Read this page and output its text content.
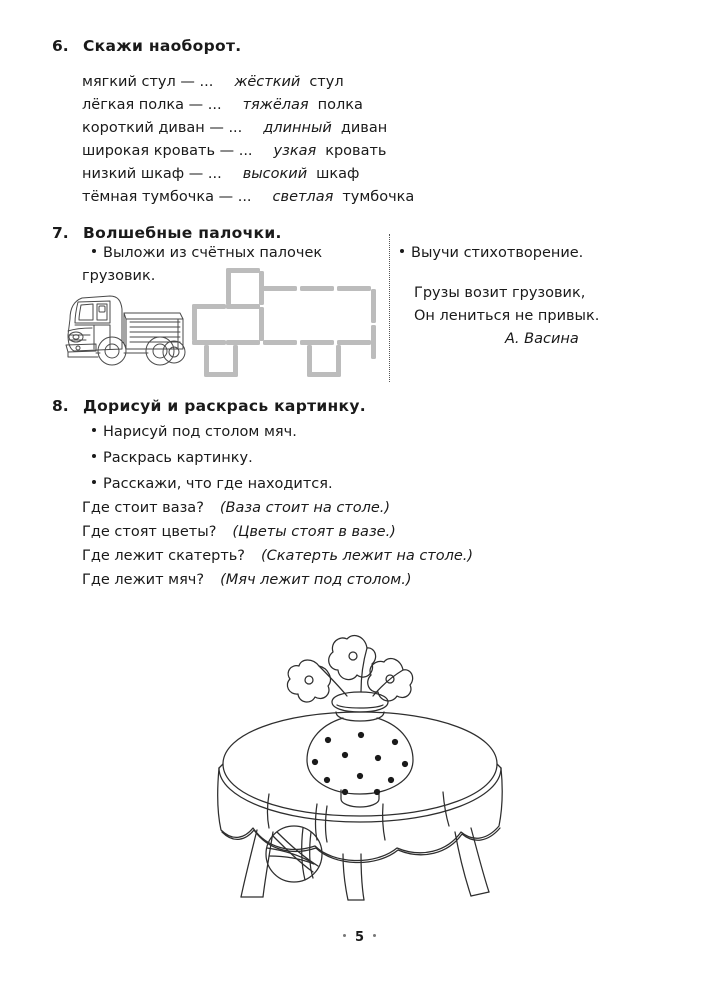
6. Скажи наоборот.
мягкий стул — ... жёсткий стул
лёгкая полка — ... тяжёлая полка
короткий диван — ... длинный диван
широкая кровать — ... узкая кровать
низкий шкаф — ... высокий шкаф
тёмная тумбочка — ... светлая тумбочка
7. Волшебные палочки.
Выложи из счётных палочек
грузовик.
Выучи стихотворение.
Грузы возит грузовик,
Он лениться не привык.
А. Васина
8. Дорисуй и раскрась картинку.
Нарисуй под столом мяч.
Раскрась картинку.
Расскажи, что где находится.
Где стоит ваза? (Ваза стоит на столе.)
Где стоят цветы? (Цветы стоят в вазе.)
Где лежит скатерть? (Скатерть лежит на столе.)
Где лежит мяч? (Мяч лежит под столом.)
5
